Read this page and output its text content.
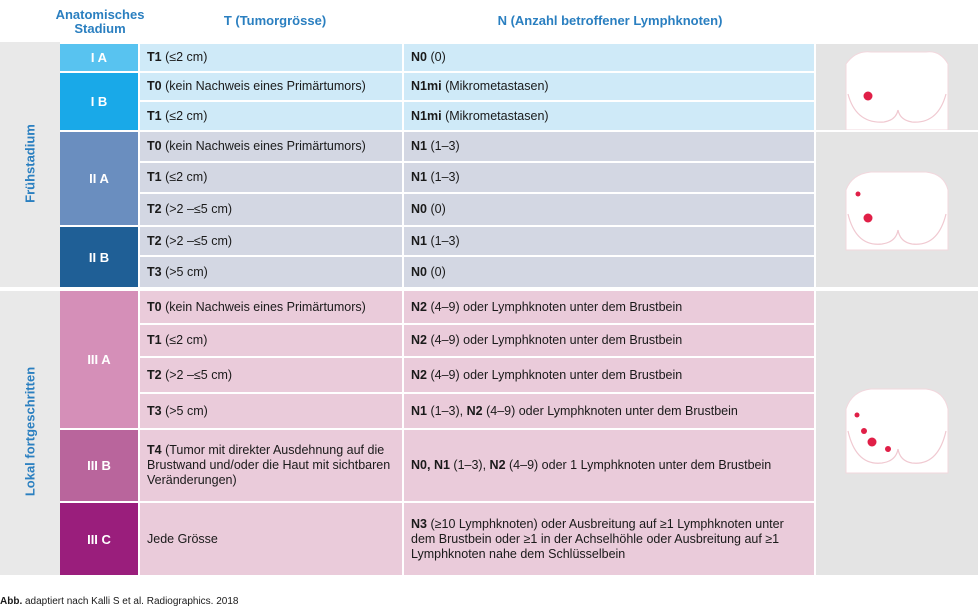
Anatomisches Stadium
T (Tumorgrösse)	N (Anzahl betroffener Lymphknoten)
Frühstadium
Lokal fortgeschritten
I A
I B
II A
II B
III A
III B
III C
T1 (≤2 cm)
T0 (kein Nachweis eines Primärtumors)
T1 (≤2 cm)
T0 (kein Nachweis eines Primärtumors)
T1 (≤2 cm)
T2 (>2 –≤5 cm)
T2 (>2 –≤5 cm)
T3 (>5 cm)
T0 (kein Nachweis eines Primärtumors)
T1 (≤2 cm)
T2 (>2 –≤5 cm)
T3 (>5 cm)
T4 (Tumor mit direkter Ausdehnung auf die Brustwand und/oder die Haut mit sichtbaren Veränderungen)
Jede Grösse
N0 (0)
N1mi (Mikrometastasen)
N1mi (Mikrometastasen)
N1 (1–3)
N1 (1–3)
N0 (0)
N1 (1–3)
N0 (0)
N2 (4–9) oder Lymphknoten unter dem Brustbein
N2 (4–9) oder Lymphknoten unter dem Brustbein
N2 (4–9) oder Lymphknoten unter dem Brustbein
N1 (1–3), N2 (4–9) oder Lymphknoten unter dem Brustbein
N0, N1 (1–3), N2 (4–9) oder 1 Lymphknoten unter dem Brustbein
N3 (≥10 Lymphknoten) oder Ausbreitung auf ≥1 Lymphknoten unter dem Brustbein oder ≥1 in der Achselhöhle oder Ausbreitung auf ≥1 Lymphknoten nahe dem Schlüsselbein
Abb. adaptiert nach Kalli S et al. Radiographics. 2018
